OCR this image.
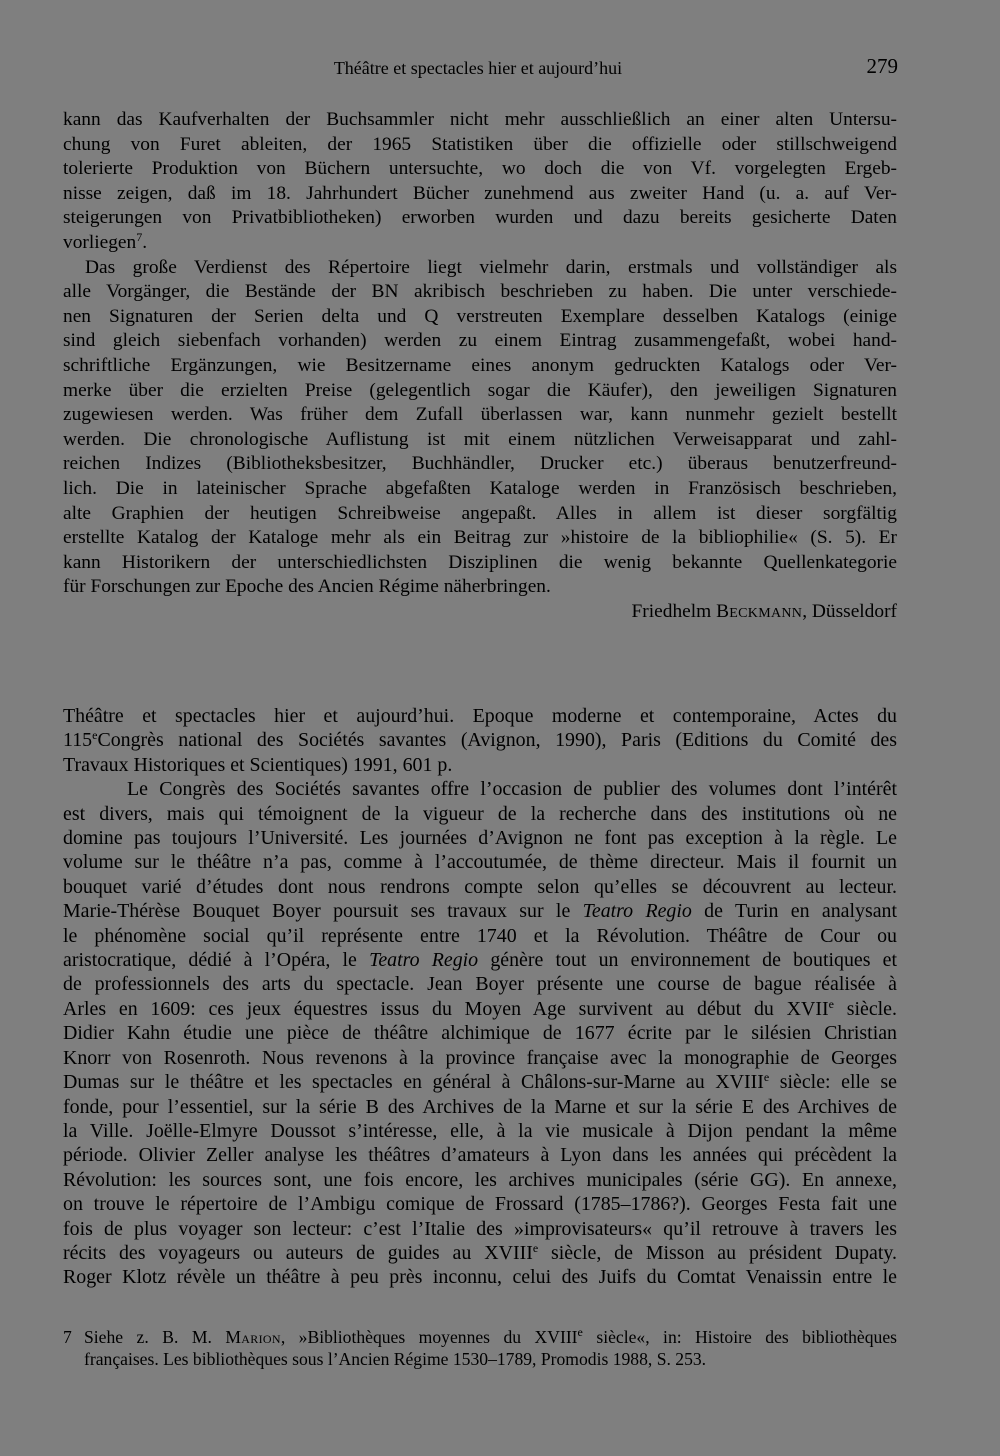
Théâtre et spectacles hier et aujourd’hui	279
kann das Kaufverhalten der Buchsammler nicht mehr ausschließlich an einer alten Untersu-
chung von Furet ableiten, der 1965 Statistiken über die offizielle oder stillschweigend
tolerierte Produktion von Büchern untersuchte, wo doch die von Vf. vorgelegten Ergeb-
nisse zeigen, daß im 18. Jahrhundert Bücher zunehmend aus zweiter Hand (u. a. auf Ver-
steigerungen von Privatbibliotheken) erworben wurden und dazu bereits gesicherte Daten
vorliegen$^7$.
Das große Verdienst des Répertoire liegt vielmehr darin, erstmals und vollständiger als
alle Vorgänger, die Bestände der BN akribisch beschrieben zu haben. Die unter verschiede-
nen Signaturen der Serien delta und Q verstreuten Exemplare desselben Katalogs (einige
sind gleich siebenfach vorhanden) werden zu einem Eintrag zusammengefaßt, wobei hand-
schriftliche Ergänzungen, wie Besitzername eines anonym gedruckten Katalogs oder Ver-
merke über die erzielten Preise (gelegentlich sogar die Käufer), den jeweiligen Signaturen
zugewiesen werden. Was früher dem Zufall überlassen war, kann nunmehr gezielt bestellt
werden. Die chronologische Auflistung ist mit einem nützlichen Verweisapparat und zahl-
reichen Indizes (Bibliotheksbesitzer, Buchhändler, Drucker etc.) überaus benutzerfreund-
lich. Die in lateinischer Sprache abgefaßten Kataloge werden in Französisch beschrieben,
alte Graphien der heutigen Schreibweise angepaßt. Alles in allem ist dieser sorgfältig
erstellte Katalog der Kataloge mehr als ein Beitrag zur »histoire de la bibliophilie« (S. 5). Er
kann Historikern der unterschiedlichsten Disziplinen die wenig bekannte Quellenkategorie
für Forschungen zur Epoche des Ancien Régime näherbringen.
Friedhelm Beckmann, Düsseldorf
Théâtre et spectacles hier et aujourd’hui. Epoque moderne et contemporaine, Actes du
115eCongrès national des Sociétés savantes (Avignon, 1990), Paris (Editions du Comité des
Travaux Historiques et Scientiques) 1991, 601 p.
Le Congrès des Sociétés savantes offre l’occasion de publier des volumes dont l’intérêt
est divers, mais qui témoignent de la vigueur de la recherche dans des institutions où ne
domine pas toujours l’Université. Les journées d’Avignon ne font pas exception à la règle. Le
volume sur le théâtre n’a pas, comme à l’accoutumée, de thème directeur. Mais il fournit un
bouquet varié d’études dont nous rendrons compte selon qu’elles se découvrent au lecteur.
Marie-Thérèse Bouquet Boyer poursuit ses travaux sur le Teatro Regio de Turin en analysant
le phénomène social qu’il représente entre 1740 et la Révolution. Théâtre de Cour ou
aristocratique, dédié à l’Opéra, le Teatro Regio génère tout un environnement de boutiques et
de professionnels des arts du spectacle. Jean Boyer présente une course de bague réalisée à
Arles en 1609: ces jeux équestres issus du Moyen Age survivent au début du XVIIe siècle.
Didier Kahn étudie une pièce de théâtre alchimique de 1677 écrite par le silésien Christian
Knorr von Rosenroth. Nous revenons à la province française avec la monographie de Georges
Dumas sur le théâtre et les spectacles en général à Châlons-sur-Marne au XVIIIe siècle: elle se
fonde, pour l’essentiel, sur la série B des Archives de la Marne et sur la série E des Archives de
la Ville. Joëlle-Elmyre Doussot s’intéresse, elle, à la vie musicale à Dijon pendant la même
période. Olivier Zeller analyse les théâtres d’amateurs à Lyon dans les années qui précèdent la
Révolution: les sources sont, une fois encore, les archives municipales (série GG). En annexe,
on trouve le répertoire de l’Ambigu comique de Frossard (1785–1786?). Georges Festa fait une
fois de plus voyager son lecteur: c’est l’Italie des »improvisateurs« qu’il retrouve à travers les
récits des voyageurs ou auteurs de guides au XVIIIe siècle, de Misson au président Dupaty.
Roger Klotz révèle un théâtre à peu près inconnu, celui des Juifs du Comtat Venaissin entre le
7 Siehe z. B. M. Marion, »Bibliothèques moyennes du XVIIIe siècle«, in: Histoire des bibliothèques
françaises. Les bibliothèques sous l’Ancien Régime 1530–1789, Promodis 1988, S. 253.
